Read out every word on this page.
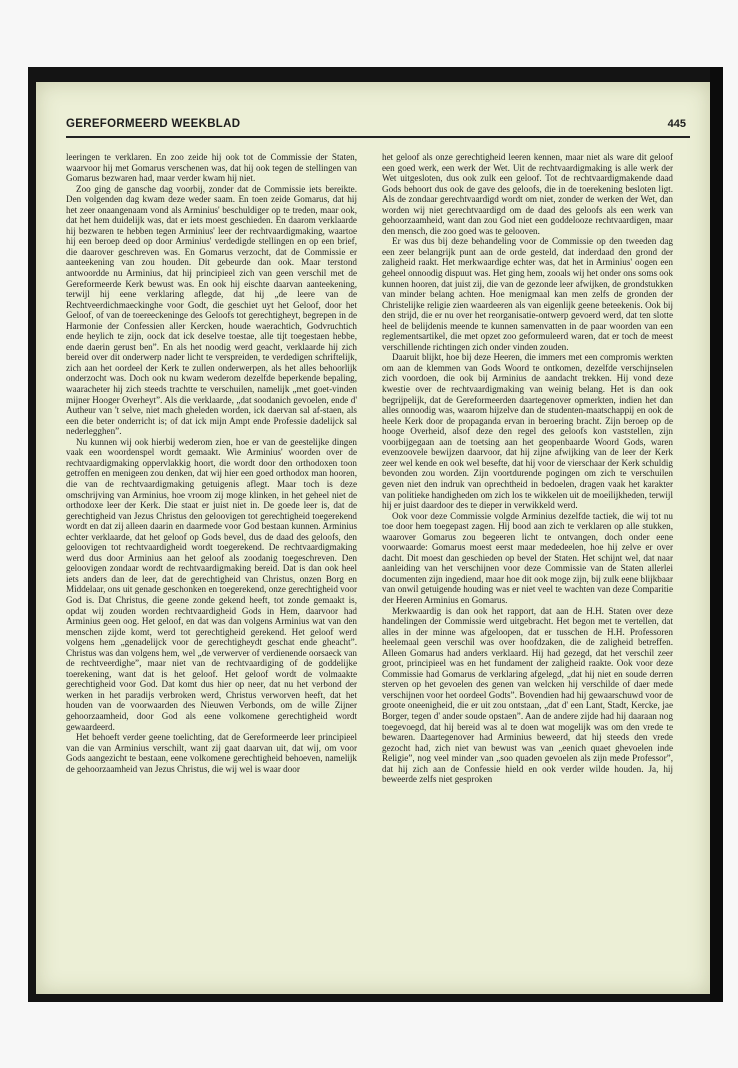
GEREFORMEERD WEEKBLAD	445

leeringen te verklaren. En zoo zeide hij ook tot de Commissie der Staten, waarvoor hij met Gomarus verschenen was, dat hij ook tegen de stellingen van Gomarus bezwaren had, maar verder kwam hij niet.

Zoo ging de gansche dag voorbij, zonder dat de Commissie iets bereikte. Den volgenden dag kwam deze weder saam. En toen zeide Gomarus, dat hij het zeer onaangenaam vond als Arminius' beschuldiger op te treden, maar ook, dat het hem duidelijk was, dat er iets moest geschieden. En daarom verklaarde hij bezwaren te hebben tegen Arminius' leer der rechtvaardigmaking, waartoe hij een beroep deed op door Arminius' verdedigde stellingen en op een brief, die daarover geschreven was. En Gomarus verzocht, dat de Commissie er aanteekening van zou houden. Dit gebeurde dan ook. Maar terstond antwoordde nu Arminius, dat hij principieel zich van geen verschil met de Gereformeerde Kerk bewust was. En ook hij eischte daarvan aanteekening, terwijl hij eene verklaring aflegde, dat hij „de leere van de Rechtveerdichmaeckinghe voor Godt, die geschiet uyt het Geloof, door het Geloof, of van de toereeckeninge des Geloofs tot gerechtigheyt, begrepen in de Harmonie der Confessien aller Kercken, houde waerachtich, Godvruchtich ende heylich te zijn, oock dat ick deselve toestae, alle tijt toegestaen hebbe, ende daerin gerust ben”. En als het noodig werd geacht, verklaarde hij zich bereid over dit onderwerp nader licht te verspreiden, te verdedigen schriftelijk, zich aan het oordeel der Kerk te zullen onderwerpen, als het alles behoorlijk onderzocht was. Doch ook nu kwam wederom dezelfde beperkende bepaling, waaracheter hij zich steeds trachtte te verschuilen, namelijk „met goet-vinden mijner Hooger Overheyt”. Als die verklaarde, „dat soodanich gevoelen, ende d' Autheur van 't selve, niet mach gheleden worden, ick daervan sal af-staen, als een die beter onderricht is; of dat ick mijn Ampt ende Professie dadelijck sal nederlegghen”.

Nu kunnen wij ook hierbij wederom zien, hoe er van de geestelijke dingen vaak een woordenspel wordt gemaakt. Wie Arminius' woorden over de rechtvaardigmaking oppervlakkig hoort, die wordt door den orthodoxen toon getroffen en menigeen zou denken, dat wij hier een goed orthodox man hooren, die van de rechtvaardigmaking getuigenis aflegt. Maar toch is deze omschrijving van Arminius, hoe vroom zij moge klinken, in het geheel niet de orthodoxe leer der Kerk. Die staat er juist niet in. De goede leer is, dat de gerechtigheid van Jezus Christus den geloovigen tot gerechtigheid toegerekend wordt en dat zij alleen daarin en daarmede voor God bestaan kunnen. Arminius echter verklaarde, dat het geloof op Gods bevel, dus de daad des geloofs, den geloovigen tot rechtvaardigheid wordt toegerekend. De rechtvaardigmaking werd dus door Arminius aan het geloof als zoodanig toegeschreven. Den geloovigen zondaar wordt de rechtvaardigmaking bereid. Dat is dan ook heel iets anders dan de leer, dat de gerechtigheid van Christus, onzen Borg en Middelaar, ons uit genade geschonken en toegerekend, onze gerechtigheid voor God is. Dat Christus, die geene zonde gekend heeft, tot zonde gemaakt is, opdat wij zouden worden rechtvaardigheid Gods in Hem, daarvoor had Arminius geen oog. Het geloof, en dat was dan volgens Arminius wat van den menschen zijde komt, werd tot gerechtigheid gerekend. Het geloof werd volgens hem „genadelijck voor de gerechtigheydt geschat ende gheacht”. Christus was dan volgens hem, wel „de verwerver of verdienende oorsaeck van de rechtveerdighe”, maar niet van de rechtvaardiging of de goddelijke toerekening, want dat is het geloof. Het geloof wordt de volmaakte gerechtigheid voor God. Dat komt dus hier op neer, dat nu het verbond der werken in het paradijs verbroken werd, Christus verworven heeft, dat het houden van de voorwaarden des Nieuwen Verbonds, om de wille Zijner gehoorzaamheid, door God als eene volkomene gerechtigheid wordt gewaardeerd.

Het behoeft verder geene toelichting, dat de Gereformeerde leer principieel van die van Arminius verschilt, want zij gaat daarvan uit, dat wij, om voor Gods aangezicht te bestaan, eene volkomene gerechtigheid behoeven, namelijk de gehoorzaamheid van Jezus Christus, die wij wel is waar door

het geloof als onze gerechtigheid leeren kennen, maar niet als ware dit geloof een goed werk, een werk der Wet. Uit de rechtvaardigmaking is alle werk der Wet uitgesloten, dus ook zulk een geloof. Tot de rechtvaardigmakende daad Gods behoort dus ook de gave des geloofs, die in de toerekening besloten ligt. Als de zondaar gerechtvaardigd wordt om niet, zonder de werken der Wet, dan worden wij niet gerechtvaardigd om de daad des geloofs als een werk van gehoorzaamheid, want dan zou God niet een goddelooze rechtvaardigen, maar den mensch, die zoo goed was te gelooven.

Er was dus bij deze behandeling voor de Commissie op den tweeden dag een zeer belangrijk punt aan de orde gesteld, dat inderdaad den grond der zaligheid raakt. Het merkwaardige echter was, dat het in Arminius' oogen een geheel onnoodig dispuut was. Het ging hem, zooals wij het onder ons soms ook kunnen hooren, dat juist zij, die van de gezonde leer afwijken, de grondstukken van minder belang achten. Hoe menigmaal kan men zelfs de gronden der Christelijke religie zien waardeeren als van eigenlijk geene beteekenis. Ook bij den strijd, die er nu over het reorganisatie-ontwerp gevoerd werd, dat ten slotte heel de belijdenis meende te kunnen samenvatten in de paar woorden van een reglementsartikel, die met opzet zoo geformuleerd waren, dat er toch de meest verschillende richtingen zich onder vinden zouden.

Daaruit blijkt, hoe bij deze Heeren, die immers met een compromis werkten om aan de klemmen van Gods Woord te ontkomen, dezelfde verschijnselen zich voordoen, die ook bij Arminius de aandacht trekken. Hij vond deze kwestie over de rechtvaardigmaking van weinig belang. Het is dan ook begrijpelijk, dat de Gereformeerden daartegenover opmerkten, indien het dan alles onnoodig was, waarom hijzelve dan de studenten-maatschappij en ook de heele Kerk door de propaganda ervan in beroering bracht. Zijn beroep op de hooge Overheid, alsof deze den regel des geloofs kon vaststellen, zijn voorbijgegaan aan de toetsing aan het geopenbaarde Woord Gods, waren evenzoovele bewijzen daarvoor, dat hij zijne afwijking van de leer der Kerk zeer wel kende en ook wel besefte, dat hij voor de vierschaar der Kerk schuldig bevonden zou worden. Zijn voortdurende pogingen om zich te verschuilen geven niet den indruk van oprechtheid in bedoelen, dragen vaak het karakter van politieke handigheden om zich los te wikkelen uit de moeilijkheden, terwijl hij er juist daardoor des te dieper in verwikkeld werd.

Ook voor deze Commissie volgde Arminius dezelfde tactiek, die wij tot nu toe door hem toegepast zagen. Hij bood aan zich te verklaren op alle stukken, waarover Gomarus zou begeeren licht te ontvangen, doch onder eene voorwaarde: Gomarus moest eerst maar mededeelen, hoe hij zelve er over dacht. Dit moest dan geschieden op bevel der Staten. Het schijnt wel, dat naar aanleiding van het verschijnen voor deze Commissie van de Staten allerlei documenten zijn ingediend, maar hoe dit ook moge zijn, bij zulk eene blijkbaar van onwil getuigende houding was er niet veel te wachten van deze Comparitie der Heeren Arminius en Gomarus.

Merkwaardig is dan ook het rapport, dat aan de H.H. Staten over deze handelingen der Commissie werd uitgebracht. Het begon met te vertellen, dat alles in der minne was afgeloopen, dat er tusschen de H.H. Professoren heelemaal geen verschil was over hoofdzaken, die de zaligheid betreffen. Alleen Gomarus had anders verklaard. Hij had gezegd, dat het verschil zeer groot, principieel was en het fundament der zaligheid raakte. Ook voor deze Commissie had Gomarus de verklaring afgelegd, „dat hij niet en soude derren sterven op het gevoelen des genen van welcken hij verschilde of daer mede verschijnen voor het oordeel Godts”. Bovendien had hij gewaarschuwd voor de groote oneenigheid, die er uit zou ontstaan, „dat d' een Lant, Stadt, Kercke, jae Borger, tegen d' ander soude opstaen”. Aan de andere zijde had hij daaraan nog toegevoegd, dat hij bereid was al te doen wat mogelijk was om den vrede te bewaren. Daartegenover had Arminius beweerd, dat hij steeds den vrede gezocht had, zich niet van bewust was van „eenich quaet ghevoelen inde Religie”, nog veel minder van „soo quaden gevoelen als zijn mede Professor”, dat hij zich aan de Confessie hield en ook verder wilde houden. Ja, hij beweerde zelfs niet gesproken
